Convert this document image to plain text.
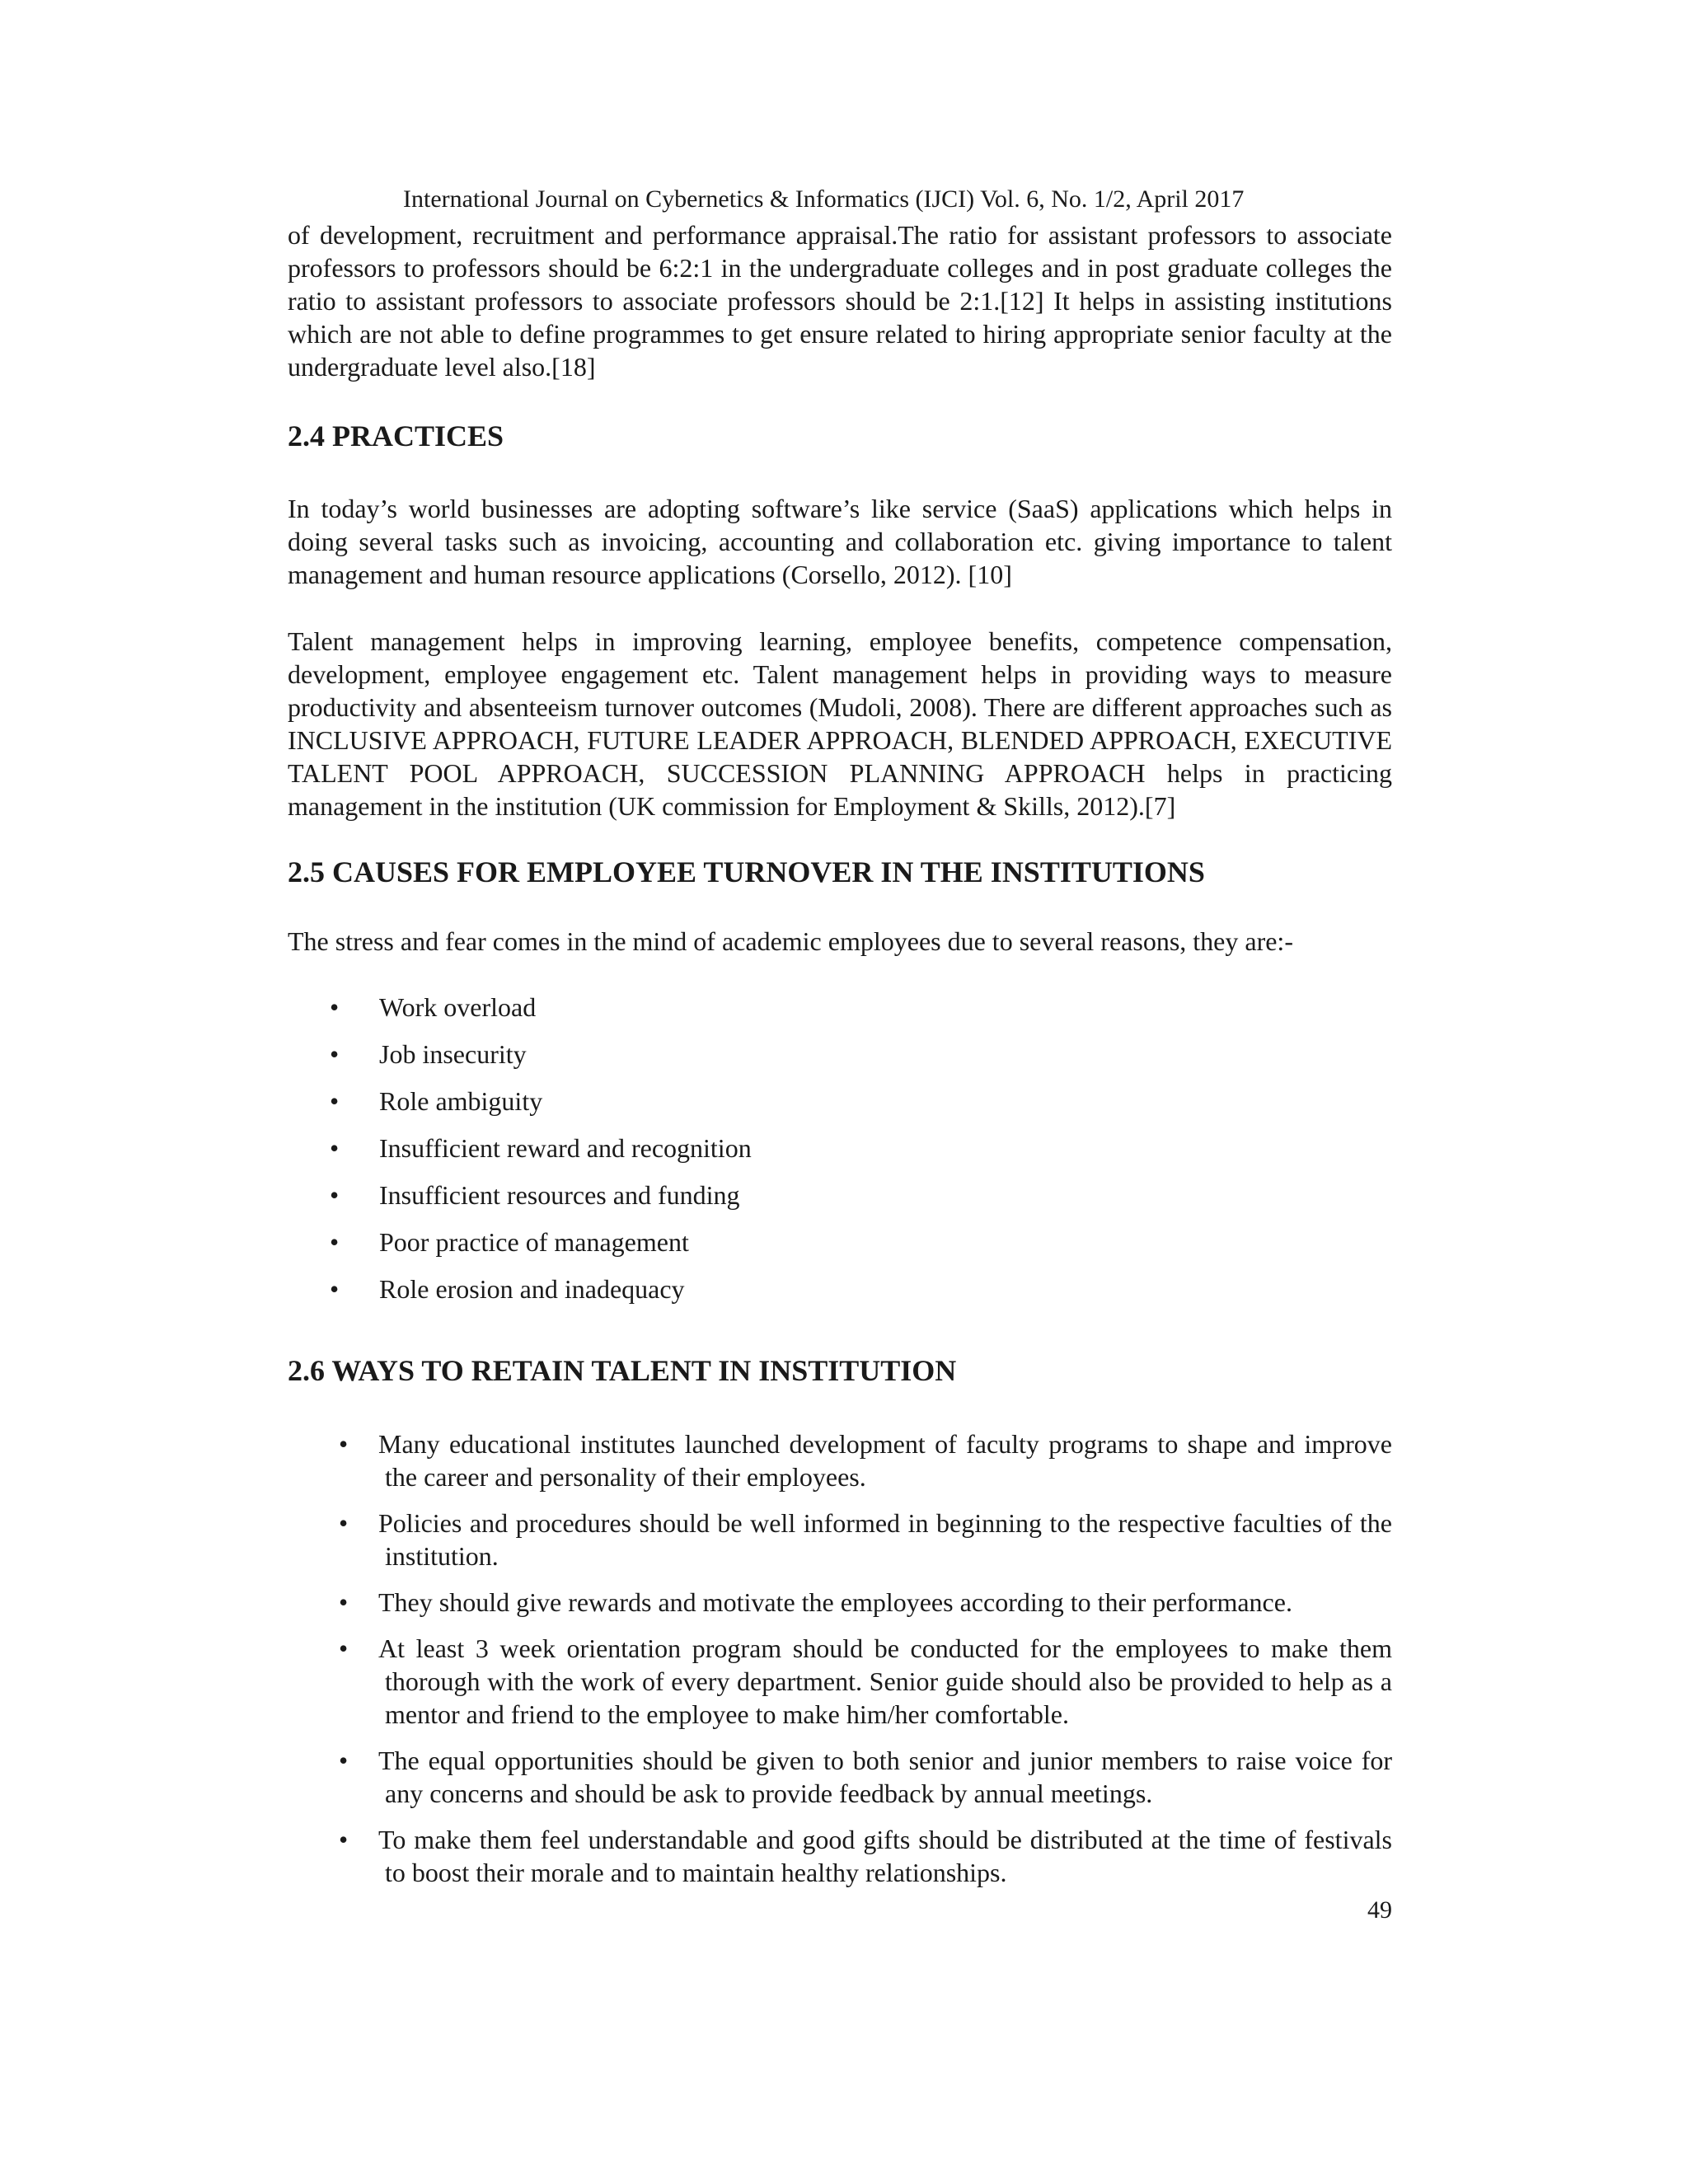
International Journal on Cybernetics & Informatics (IJCI) Vol. 6, No. 1/2, April 2017

of development, recruitment and performance appraisal.The ratio for assistant professors to associate professors to professors should be 6:2:1 in the undergraduate colleges and in post graduate colleges the ratio to assistant professors to associate professors should be 2:1.[12] It helps in assisting institutions which are not able to define programmes to get ensure related to hiring appropriate senior faculty at the undergraduate level also.[18]

2.4 PRACTICES

In today’s world businesses are adopting software’s like service (SaaS) applications which helps in doing several tasks such as invoicing, accounting and collaboration etc. giving importance to talent management and human resource applications (Corsello, 2012). [10]

Talent management helps in improving learning, employee benefits, competence compensation, development, employee engagement etc. Talent management helps in providing ways to measure productivity and absenteeism turnover outcomes (Mudoli, 2008). There are different approaches such as INCLUSIVE APPROACH, FUTURE LEADER APPROACH, BLENDED APPROACH, EXECUTIVE TALENT POOL APPROACH, SUCCESSION PLANNING APPROACH helps in practicing management in the institution (UK commission for Employment & Skills, 2012).[7]

2.5 CAUSES FOR EMPLOYEE TURNOVER IN THE INSTITUTIONS

The stress and fear comes in the mind of academic employees due to several reasons, they are:-

• Work overload
• Job insecurity
• Role ambiguity
• Insufficient reward and recognition
• Insufficient resources and funding
• Poor practice of management
• Role erosion and inadequacy
2.6 WAYS TO RETAIN TALENT IN INSTITUTION
• Many educational institutes launched development of faculty programs to shape and improve the career and personality of their employees.
• Policies and procedures should be well informed in beginning to the respective faculties of the institution.
• They should give rewards and motivate the employees according to their performance.
• At least 3 week orientation program should be conducted for the employees to make them thorough with the work of every department. Senior guide should also be provided to help as a mentor and friend to the employee to make him/her comfortable.
• The equal opportunities should be given to both senior and junior members to raise voice for any concerns and should be ask to provide feedback by annual meetings.
• To make them feel understandable and good gifts should be distributed at the time of festivals to boost their morale and to maintain healthy relationships.
49
